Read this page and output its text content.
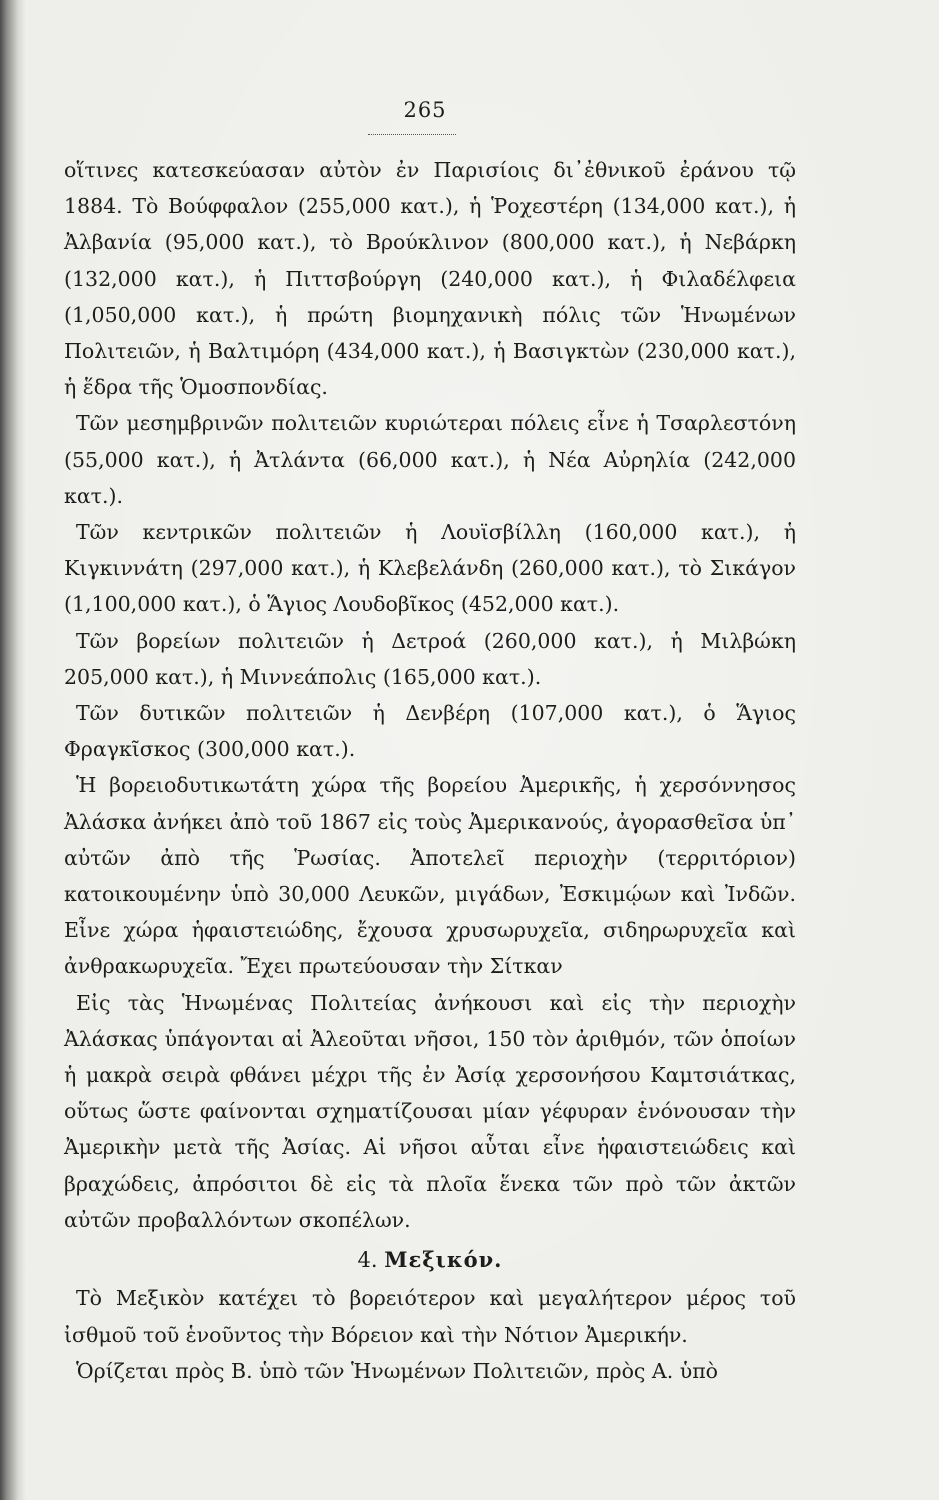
265

οἵτινες κατεσκεύασαν αὐτὸν ἐν Παρισίοις δι᾽ἐθνικοῦ ἐράνου τῷ 1884. Τὸ Βούφφαλον (255,000 κατ.), ἡ Ῥοχεστέρη (134,000 κατ.), ἡ Ἀλβανία (95,000 κατ.), τὸ Βρούκλινον (800,000 κατ.), ἡ Νεβάρκη (132,000 κατ.), ἡ Πιττσβούργη (240,000 κατ.), ἡ Φιλαδέλφεια (1,050,000 κατ.), ἡ πρώτη βιομηχανικὴ πόλις τῶν Ἡνωμένων Πολιτειῶν, ἡ Βαλτιμόρη (434,000 κατ.), ἡ Βασιγκτὼν (230,000 κατ.), ἡ ἕδρα τῆς Ὁμοσπονδίας.

Τῶν μεσημβρινῶν πολιτειῶν κυριώτεραι πόλεις εἶνε ἡ Τσαρλεστόνη (55,000 κατ.), ἡ Ἀτλάντα (66,000 κατ.), ἡ Νέα Αὐρηλία (242,000 κατ.).

Τῶν κεντρικῶν πολιτειῶν ἡ Λουϊσβίλλη (160,000 κατ.), ἡ Κιγκιννάτη (297,000 κατ.), ἡ Κλεβελάνδη (260,000 κατ.), τὸ Σικάγον (1,100,000 κατ.), ὁ Ἅγιος Λουδοβῖκος (452,000 κατ.).

Τῶν βορείων πολιτειῶν ἡ Δετροά (260,000 κατ.), ἡ Μιλβώκη 205,000 κατ.), ἡ Μιννεάπολις (165,000 κατ.).

Τῶν δυτικῶν πολιτειῶν ἡ Δενβέρη (107,000 κατ.), ὁ Ἅγιος Φραγκῖσκος (300,000 κατ.).

Ἡ βορειοδυτικωτάτη χώρα τῆς βορείου Ἀμερικῆς, ἡ χερσόννησος Ἀλάσκα ἀνήκει ἀπὸ τοῦ 1867 εἰς τοὺς Ἀμερικανούς, ἀγορασθεῖσα ὑπ᾽ αὐτῶν ἀπὸ τῆς Ῥωσίας. Ἀποτελεῖ περιοχὴν (τερριτόριον) κατοικουμένην ὑπὸ 30,000 Λευκῶν, μιγάδων, Ἐσκιμῴων καὶ Ἰνδῶν. Εἶνε χώρα ἡφαιστειώδης, ἔχουσα χρυσωρυχεῖα, σιδηρωρυχεῖα καὶ ἀνθρακωρυχεῖα. Ἔχει πρωτεύουσαν τὴν Σίτκαν

Εἰς τὰς Ἡνωμένας Πολιτείας ἀνήκουσι καὶ εἰς τὴν περιοχὴν Ἀλάσκας ὑπάγονται αἱ Ἀλεοῦται νῆσοι, 150 τὸν ἀριθμόν, τῶν ὁποίων ἡ μακρὰ σειρὰ φθάνει μέχρι τῆς ἐν Ἀσίᾳ χερσονήσου Καμτσιάτκας, οὕτως ὥστε φαίνονται σχηματίζουσαι μίαν γέφυραν ἑνόνουσαν τὴν Ἀμερικὴν μετὰ τῆς Ἀσίας. Αἱ νῆσοι αὗται εἶνε ἡφαιστειώδεις καὶ βραχώδεις, ἀπρόσιτοι δὲ εἰς τὰ πλοῖα ἕνεκα τῶν πρὸ τῶν ἀκτῶν αὐτῶν προβαλλόντων σκοπέλων.

4. Μεξικόν.

Τὸ Μεξικὸν κατέχει τὸ βορειότερον καὶ μεγαλήτερον μέρος τοῦ ἰσθμοῦ τοῦ ἑνοῦντος τὴν Βόρειον καὶ τὴν Νότιον Ἀμερικήν.

Ὁρίζεται πρὸς Β. ὑπὸ τῶν Ἡνωμένων Πολιτειῶν, πρὸς Α. ὑπὸ
